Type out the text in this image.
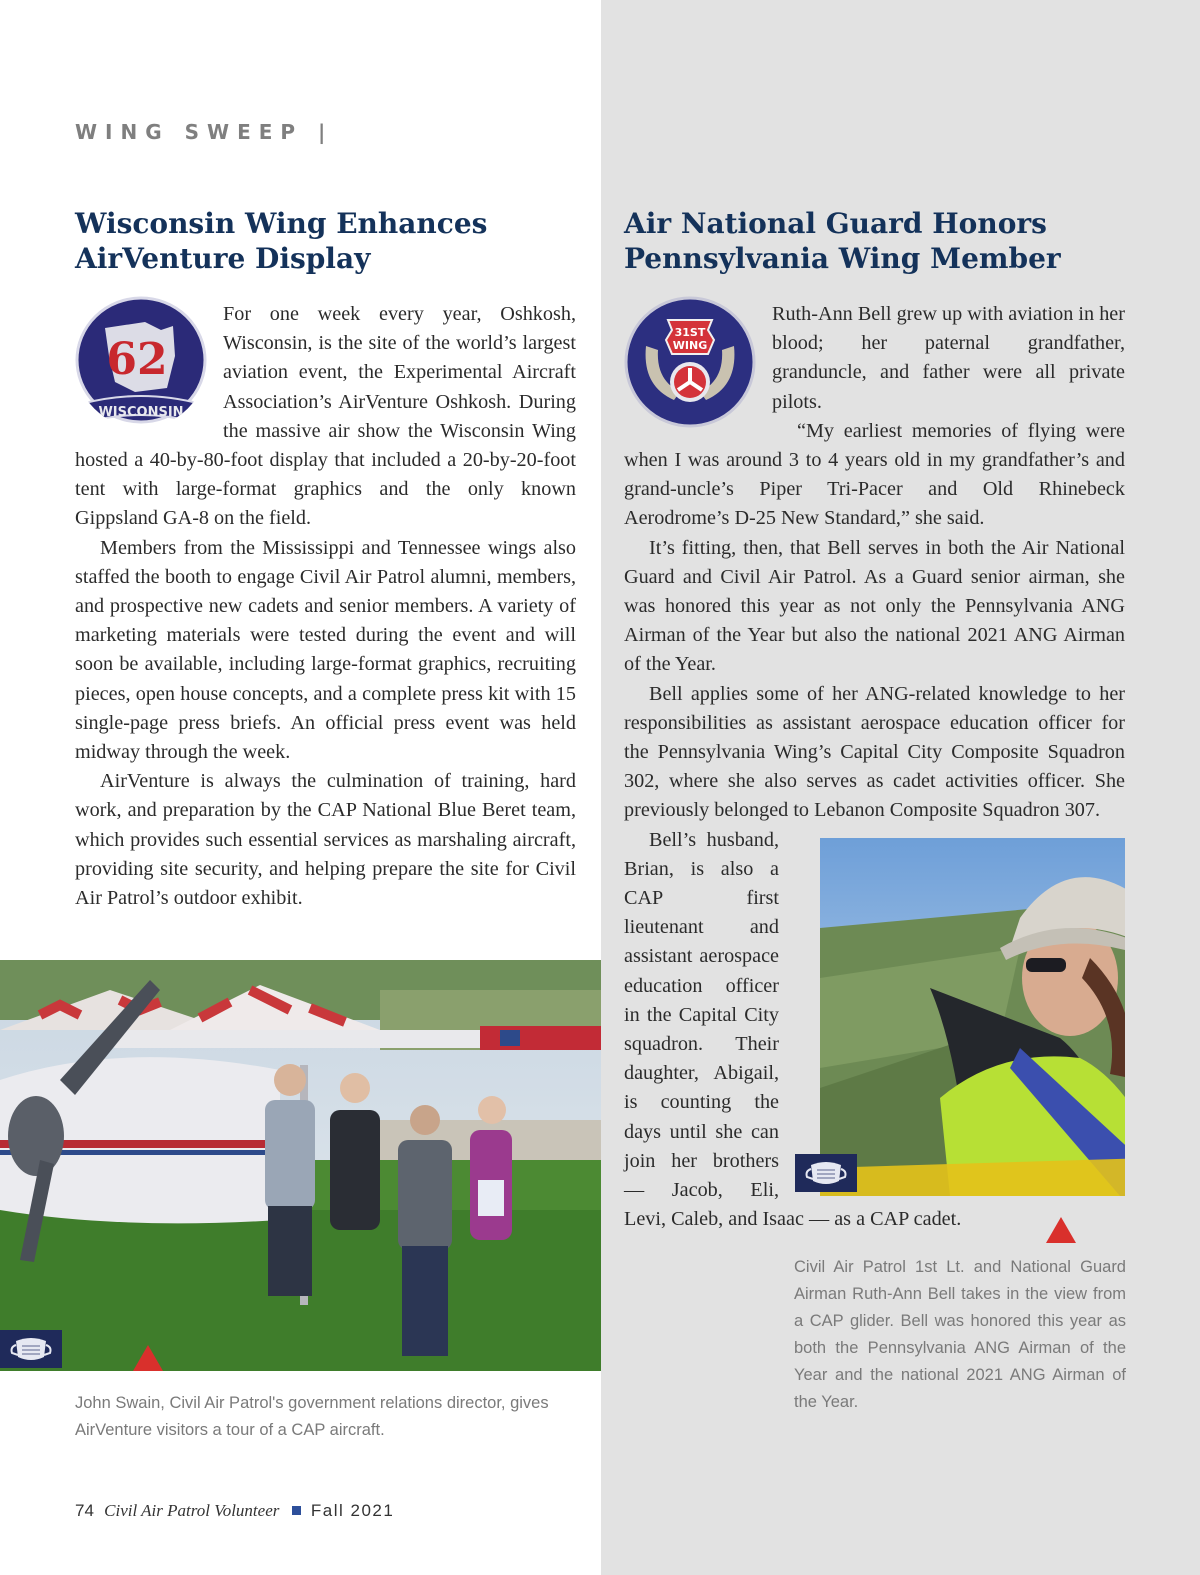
WING SWEEP |
Wisconsin Wing Enhances
AirVenture Display
62
WISCONSIN

For one week every year, Oshkosh, Wisconsin, is the site of the world’s largest aviation event, the Experimental Aircraft Association’s AirVenture Oshkosh. During the massive air show the Wisconsin Wing hosted a 40-by-80-foot display that included a 20-by-20-foot tent with large-format graphics and the only known Gippsland GA-8 on the field.

Members from the Mississippi and Tennessee wings also staffed the booth to engage Civil Air Patrol alumni, members, and prospective new cadets and senior members. A variety of marketing materials were tested during the event and will soon be available, including large-format graphics, recruiting pieces, open house concepts, and a complete press kit with 15 single-page press briefs. An official press event was held midway through the week.

AirVenture is always the culmination of training, hard work, and preparation by the CAP National Blue Beret team, which provides such essential services as marshaling aircraft, providing site security, and helping prepare the site for Civil Air Patrol’s outdoor exhibit.

John Swain, Civil Air Patrol's government relations director, gives AirVenture visitors a tour of a CAP aircraft.
Air National Guard Honors
Pennsylvania Wing Member
31ST
WING

Ruth-Ann Bell grew up with aviation in her blood; her paternal grandfather, granduncle, and father were all private pilots.

“My earliest memories of flying were when I was around 3 to 4 years old in my grandfather’s and grand-uncle’s Piper Tri-Pacer and Old Rhinebeck Aerodrome’s D-25 New Standard,” she said.

It’s fitting, then, that Bell serves in both the Air National Guard and Civil Air Patrol. As a Guard senior airman, she was honored this year as not only the Pennsylvania ANG Airman of the Year but also the national 2021 ANG Airman of the Year.

Bell applies some of her ANG-related knowledge to her responsibilities as assistant aerospace education officer for the Pennsylvania Wing’s Capital City Composite Squadron 302, where she also serves as cadet activities officer. She previously belonged to Lebanon Composite Squadron 307.

Bell’s husband, Brian, is also a CAP first lieutenant and assistant aerospace education officer in the Capital City squadron. Their daughter, Abigail, is counting the days until she can join her brothers — Jacob, Eli, Levi, Caleb, and Isaac — as a CAP cadet.

Civil Air Patrol 1st Lt. and National Guard Airman Ruth-Ann Bell takes in the view from a CAP glider. Bell was honored this year as both the Pennsylvania ANG Airman of the Year and the national 2021 ANG Airman of the Year.
74 Civil Air Patrol Volunteer Fall 2021
